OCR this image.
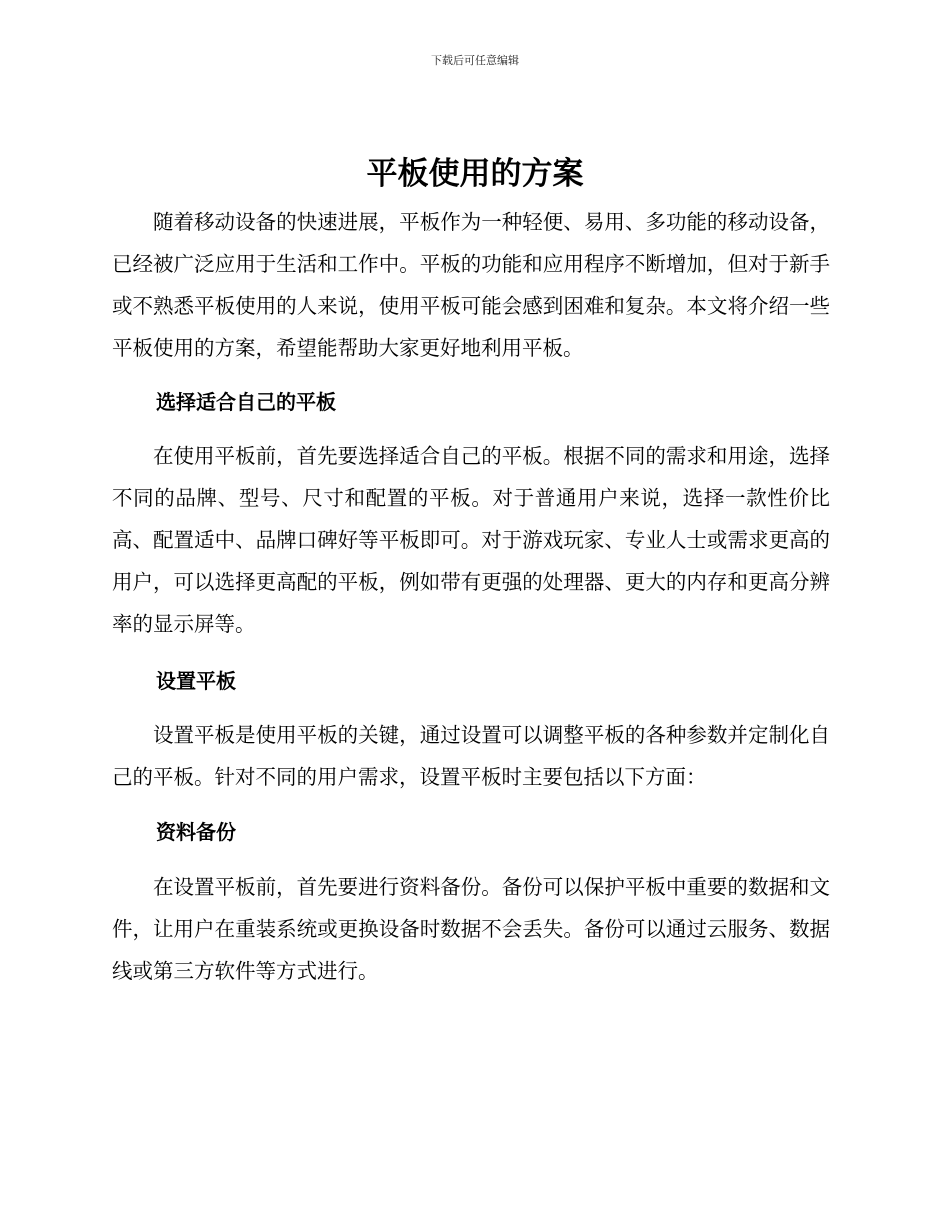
下载后可任意编辑
平板使用的方案

随着移动设备的快速进展，平板作为一种轻便、易用、多功能的移动设备，已经被广泛应用于生活和工作中。平板的功能和应用程序不断增加，但对于新手或不熟悉平板使用的人来说，使用平板可能会感到困难和复杂。本文将介绍一些平板使用的方案，希望能帮助大家更好地利用平板。

选择适合自己的平板

在使用平板前，首先要选择适合自己的平板。根据不同的需求和用途，选择不同的品牌、型号、尺寸和配置的平板。对于普通用户来说，选择一款性价比高、配置适中、品牌口碑好等平板即可。对于游戏玩家、专业人士或需求更高的用户，可以选择更高配的平板，例如带有更强的处理器、更大的内存和更高分辨率的显示屏等。

设置平板

设置平板是使用平板的关键，通过设置可以调整平板的各种参数并定制化自己的平板。针对不同的用户需求，设置平板时主要包括以下方面：

资料备份

在设置平板前，首先要进行资料备份。备份可以保护平板中重要的数据和文件，让用户在重装系统或更换设备时数据不会丢失。备份可以通过云服务、数据线或第三方软件等方式进行。
